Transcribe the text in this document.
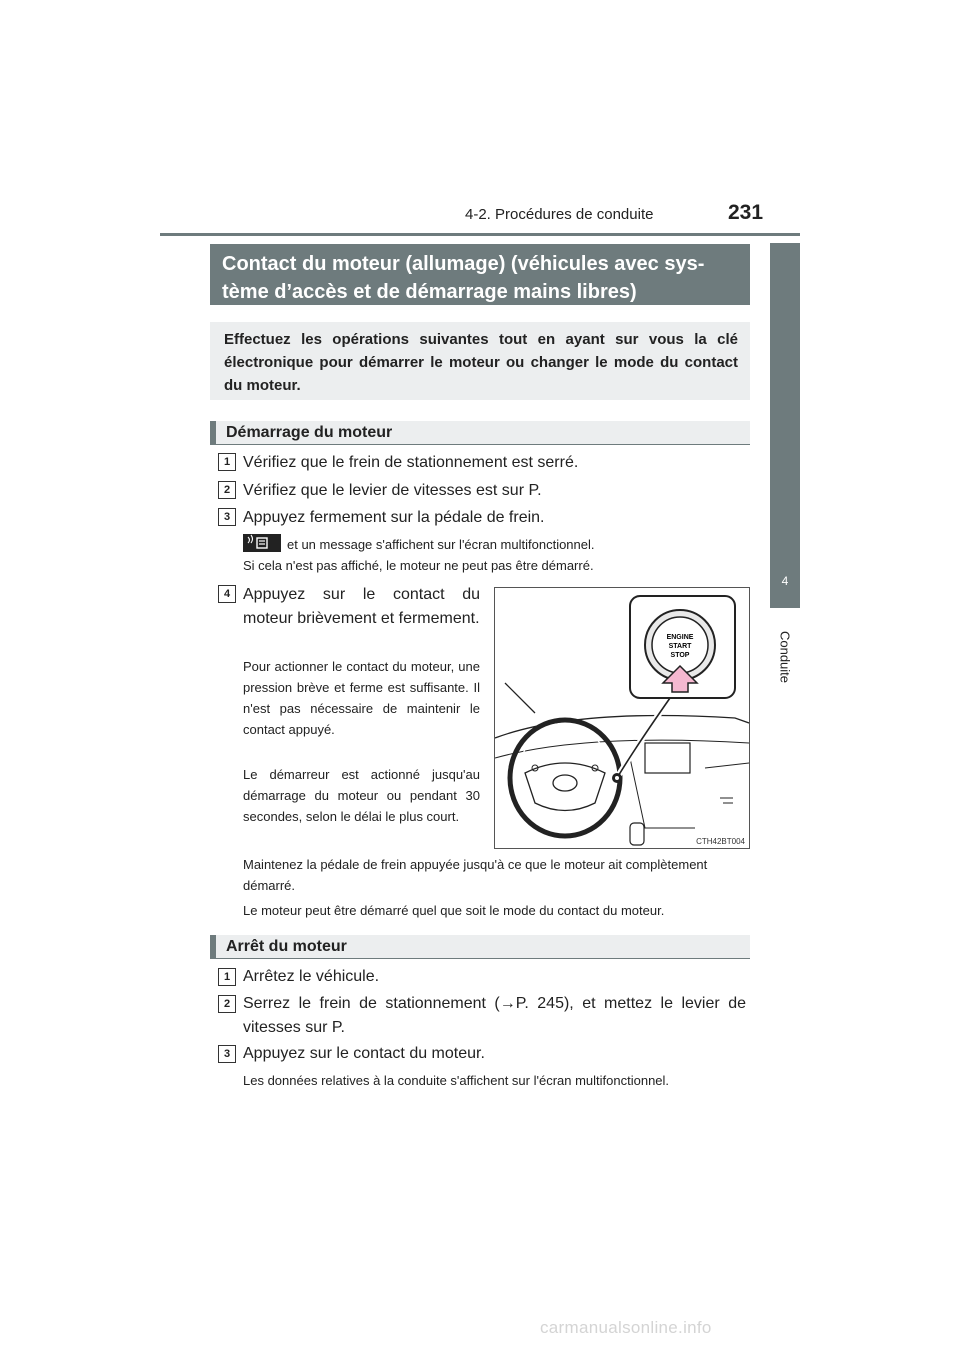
4-2. Procédures de conduite	231
4
Conduite
Contact du moteur (allumage) (véhicules avec sys-
tème d’accès et de démarrage mains libres)
Effectuez les opérations suivantes tout en ayant sur vous la clé électronique pour démarrer le moteur ou changer le mode du contact du moteur.
Démarrage du moteur
1 Vérifiez que le frein de stationnement est serré.
2 Vérifiez que le levier de vitesses est sur P.
3 Appuyez fermement sur la pédale de frein.
et un message s'affichent sur l'écran multifonctionnel.
Si cela n'est pas affiché, le moteur ne peut pas être démarré.
4 Appuyez sur le contact du moteur brièvement et fermement.
Pour actionner le contact du moteur, une pression brève et ferme est suffisante. Il n'est pas nécessaire de maintenir le contact appuyé.
Le démarreur est actionné jusqu'au démarrage du moteur ou pendant 30 secondes, selon le délai le plus court.
Maintenez la pédale de frein appuyée jusqu'à ce que le moteur ait complètement démarré.
Le moteur peut être démarré quel que soit le mode du contact du moteur.
ENGINE
START
STOP
CTH42BT004
Arrêt du moteur
1 Arrêtez le véhicule.
2 Serrez le frein de stationnement (→P. 245), et mettez le levier de vitesses sur P.
3 Appuyez sur le contact du moteur.
Les données relatives à la conduite s'affichent sur l'écran multifonctionnel.
carmanualsonline.info
